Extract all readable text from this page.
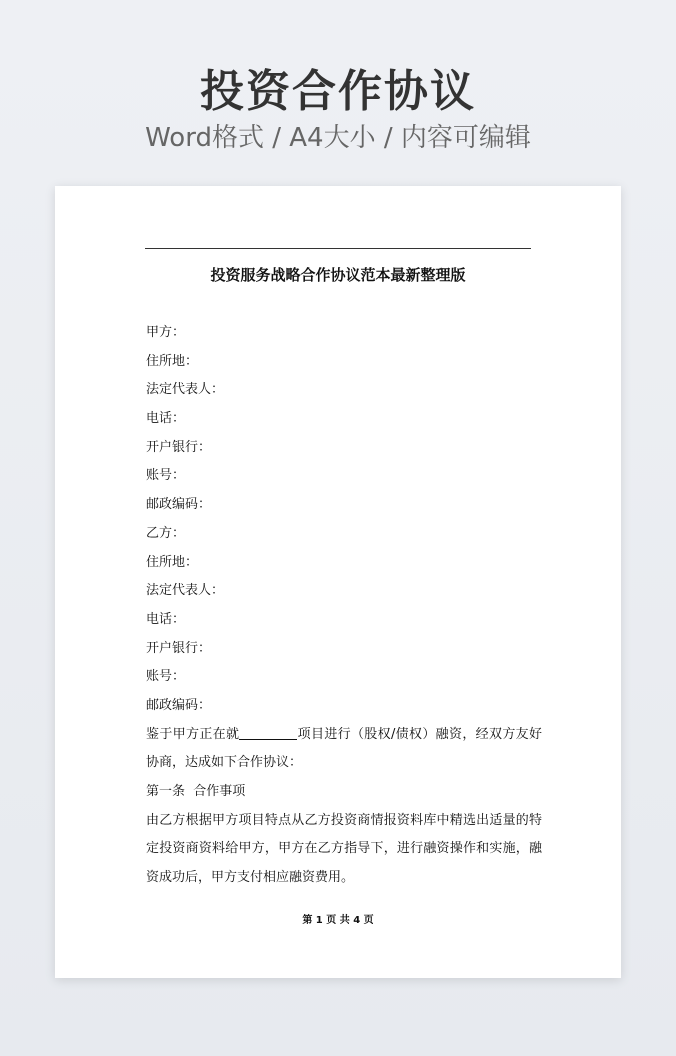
投资合作协议
Word格式 / A4大小 / 内容可编辑
投资服务战略合作协议范本最新整理版
甲方：
住所地：
法定代表人：
电话：
开户银行：
账号：
邮政编码：
乙方：
住所地：
法定代表人：
电话：
开户银行：
账号：
邮政编码：
鉴于甲方正在就	项目进行（股权/债权）融资，经双方友好协商，达成如下合作协议：
第一条 合作事项
由乙方根据甲方项目特点从乙方投资商情报资料库中精选出适量的特定投资商资料给甲方，甲方在乙方指导下，进行融资操作和实施，融资成功后，甲方支付相应融资费用。
第 1 页 共 4 页
